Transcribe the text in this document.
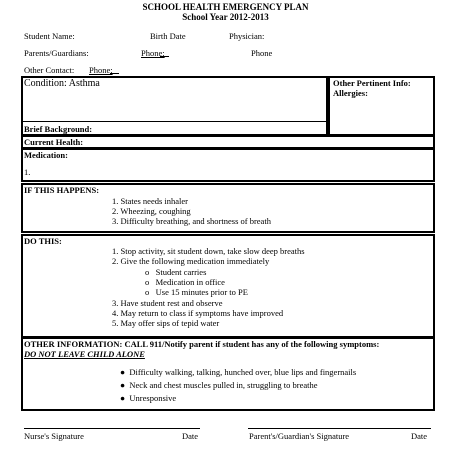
SCHOOL HEALTH EMERGENCY PLAN
School Year 2012-2013
Student Name:	Birth Date	Physician:
Parents/Guardians:	Phone:	Phone
Other Contact: Phone:
Condition: Asthma
Brief Background:
Other Pertinent Info:
Allergies:
Current Health:
Medication:
1.
IF THIS HAPPENS:
1. States needs inhaler
2. Wheezing, coughing
3. Difficulty breathing, and shortness of breath
DO THIS:
1. Stop activity, sit student down, take slow deep breaths
2. Give the following medication immediately
o   Student carries
o   Medication in office
o   Use 15 minutes prior to PE
3. Have student rest and observe
4. May return to class if symptoms have improved
5. May offer sips of tepid water
OTHER INFORMATION: CALL 911/Notify parent if student has any of the following symptoms:
DO NOT LEAVE CHILD ALONE
● Difficulty walking, talking, hunched over, blue lips and fingernails
● Neck and chest muscles pulled in, struggling to breathe
● Unresponsive
Nurse's Signature	Date	Parent's/Guardian's Signature	Date
